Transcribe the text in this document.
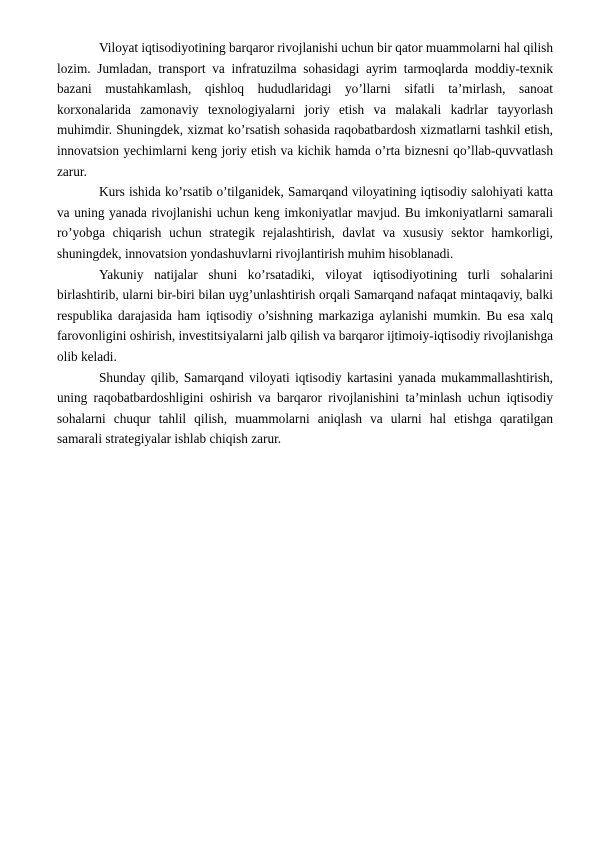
Viloyat iqtisodiyotining barqaror rivojlanishi uchun bir qator muammolarni hal qilish lozim. Jumladan, transport va infratuzilma sohasidagi ayrim tarmoqlarda moddiy-texnik bazani mustahkamlash, qishloq hududlaridagi yo’llarni sifatli ta’mirlash, sanoat korxonalarida zamonaviy texnologiyalarni joriy etish va malakali kadrlar tayyorlash muhimdir. Shuningdek, xizmat ko’rsatish sohasida raqobatbardosh xizmatlarni tashkil etish, innovatsion yechimlarni keng joriy etish va kichik hamda o’rta biznesni qo’llab-quvvatlash zarur.

Kurs ishida ko’rsatib o’tilganidek, Samarqand viloyatining iqtisodiy salohiyati katta va uning yanada rivojlanishi uchun keng imkoniyatlar mavjud. Bu imkoniyatlarni samarali ro’yobga chiqarish uchun strategik rejalashtirish, davlat va xususiy sektor hamkorligi, shuningdek, innovatsion yondashuvlarni rivojlantirish muhim hisoblanadi.

Yakuniy natijalar shuni ko’rsatadiki, viloyat iqtisodiyotining turli sohalarini birlashtirib, ularni bir-biri bilan uyg’unlashtirish orqali Samarqand nafaqat mintaqaviy, balki respublika darajasida ham iqtisodiy o’sishning markaziga aylanishi mumkin. Bu esa xalq farovonligini oshirish, investitsiyalarni jalb qilish va barqaror ijtimoiy-iqtisodiy rivojlanishga olib keladi.

Shunday qilib, Samarqand viloyati iqtisodiy kartasini yanada mukammallashtirish, uning raqobatbardoshligini oshirish va barqaror rivojlanishini ta’minlash uchun iqtisodiy sohalarni chuqur tahlil qilish, muammolarni aniqlash va ularni hal etishga qaratilgan samarali strategiyalar ishlab chiqish zarur.
